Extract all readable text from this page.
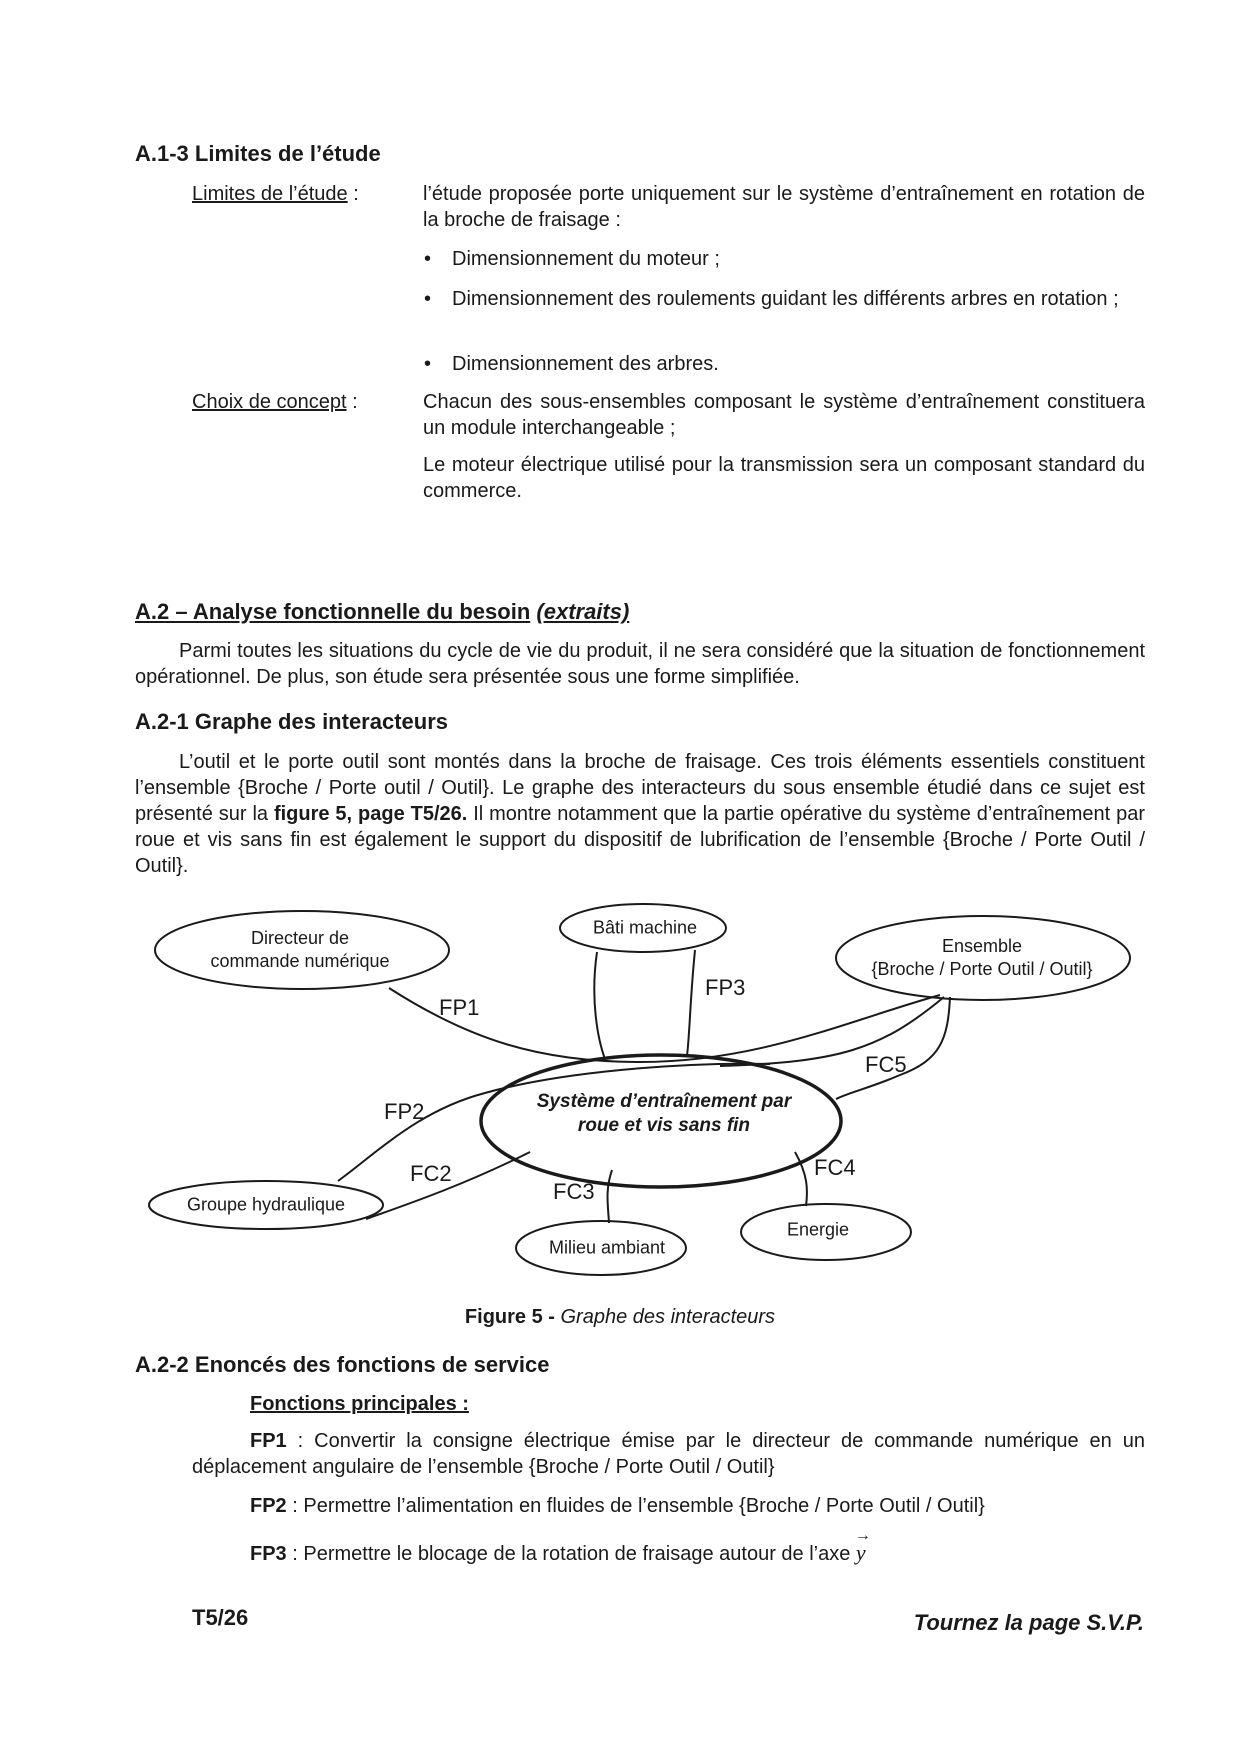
A.1-3 Limites de l’étude
Limites de l’étude :	l’étude proposée porte uniquement sur le système d’entraînement en rotation de la broche de fraisage :
• Dimensionnement du moteur ;
• Dimensionnement des roulements guidant les différents arbres en rotation ;
• Dimensionnement des arbres.
Choix de concept :	Chacun des sous-ensembles composant le système d’entraînement constituera un module interchangeable ;
Le moteur électrique utilisé pour la transmission sera un composant standard du commerce.
A.2 – Analyse fonctionnelle du besoin (extraits)
Parmi toutes les situations du cycle de vie du produit, il ne sera considéré que la situation de fonctionnement opérationnel. De plus, son étude sera présentée sous une forme simplifiée.
A.2-1 Graphe des interacteurs
L’outil et le porte outil sont montés dans la broche de fraisage. Ces trois éléments essentiels constituent l’ensemble {Broche / Porte outil / Outil}. Le graphe des interacteurs du sous ensemble étudié dans ce sujet est présenté sur la figure 5, page T5/26. Il montre notamment que la partie opérative du système d’entraînement par roue et vis sans fin est également le support du dispositif de lubrification de l’ensemble {Broche / Porte Outil / Outil}.
Directeur de
commande numérique
Bâti machine
Ensemble
{Broche / Porte Outil / Outil}
Système d’entraînement par
roue et vis sans fin
Groupe hydraulique
Milieu ambiant
Energie
FP1
FP3
FC5
FP2
FC2
FC3
FC4
Figure 5 - Graphe des interacteurs
A.2-2 Enoncés des fonctions de service
Fonctions principales :
FP1 : Convertir la consigne électrique émise par le directeur de commande numérique en un déplacement angulaire de l’ensemble {Broche / Porte Outil / Outil}
FP2 : Permettre l’alimentation en fluides de l’ensemble {Broche / Porte Outil / Outil}
FP3 : Permettre le blocage de la rotation de fraisage autour de l’axe
→
y
T5/26	Tournez la page S.V.P.
